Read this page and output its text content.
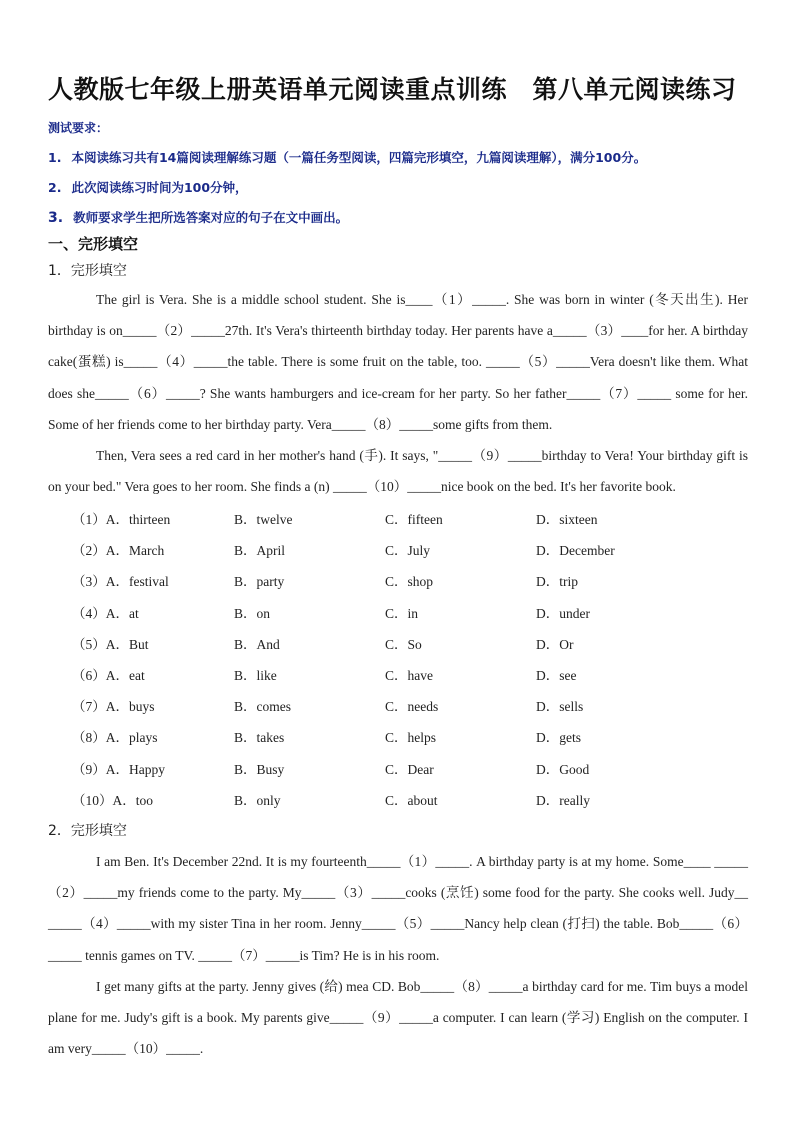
人教版七年级上册英语单元阅读重点训练　第八单元阅读练习
测试要求：
1. 本阅读练习共有14篇阅读理解练习题（一篇任务型阅读，四篇完形填空，九篇阅读理解），满分100分。
2. 此次阅读练习时间为100分钟，
3. 教师要求学生把所选答案对应的句子在文中画出。
一、完形填空
1．完形填空
The girl is Vera. She is a middle school student. She is____（1）_____. She was born in winter (冬天出生). Her birthday is on_____（2）_____27th. It's Vera's thirteenth birthday today. Her parents have a_____（3）____for her. A birthday cake(蛋糕) is_____（4）_____the table. There is some fruit on the table, too. _____（5）_____Vera doesn't like them. What does she_____（6）_____? She wants hamburgers and ice-cream for her party. So her father_____（7）_____ some for her. Some of her friends come to her birthday party. Vera_____（8）_____some gifts from them.
Then, Vera sees a red card in her mother's hand (手). It says, "_____（9）_____birthday to Vera! Your birthday gift is on your bed." Vera goes to her room. She finds a (n) _____（10）_____nice book on the bed. It's her favorite book.
（1）A．thirteen	B．twelve	C．fifteen	D．sixteen
（2）A．March	B．April	C．July	D．December
（3）A．festival	B．party	C．shop	D．trip
（4）A．at	B．on	C．in	D．under
（5）A．But	B．And	C．So	D．Or
（6）A．eat	B．like	C．have	D．see
（7）A．buys	B．comes	C．needs	D．sells
（8）A．plays	B．takes	C．helps	D．gets
（9）A．Happy	B．Busy	C．Dear	D．Good
（10）A．too	B．only	C．about	D．really
2．完形填空
I am Ben. It's December 22nd. It is my fourteenth_____（1）_____. A birthday party is at my home. Some____ _____（2）_____my friends come to the party. My_____（3）_____cooks (烹饪) some food for the party. She cooks well. Judy__ _____（4）_____with my sister Tina in her room. Jenny_____（5）_____Nancy help clean (打扫) the table. Bob_____（6）_____ tennis games on TV. _____（7）_____is Tim? He is in his room.
I get many gifts at the party. Jenny gives (给) mea CD. Bob_____（8）_____a birthday card for me. Tim buys a model plane for me. Judy's gift is a book. My parents give_____（9）_____a computer. I can learn (学习) English on the computer. I am very_____（10）_____.
